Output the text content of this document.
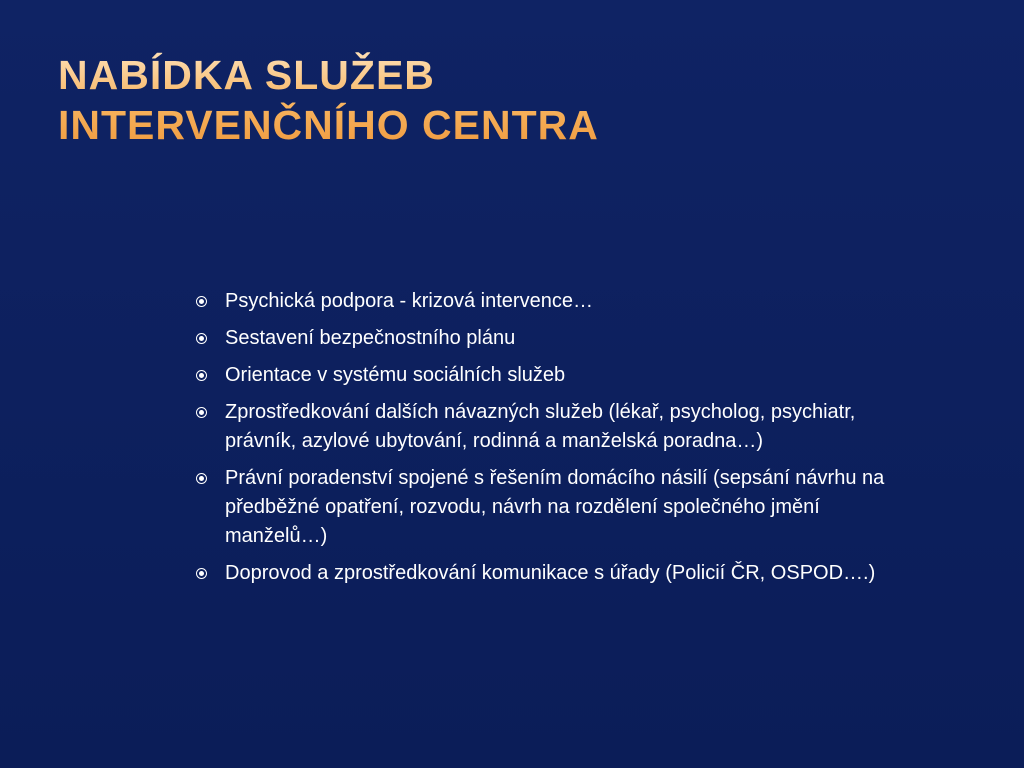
NABÍDKA SLUŽEB
INTERVENČNÍHO CENTRA
Psychická podpora - krizová intervence…
Sestavení bezpečnostního plánu
Orientace v systému sociálních služeb
Zprostředkování dalších návazných služeb (lékař, psycholog, psychiatr, právník, azylové ubytování, rodinná a manželská poradna…)
Právní poradenství spojené s řešením domácího násilí (sepsání návrhu na předběžné opatření, rozvodu, návrh na rozdělení společného jmění manželů…)
Doprovod a zprostředkování komunikace s úřady (Policií ČR, OSPOD….)
